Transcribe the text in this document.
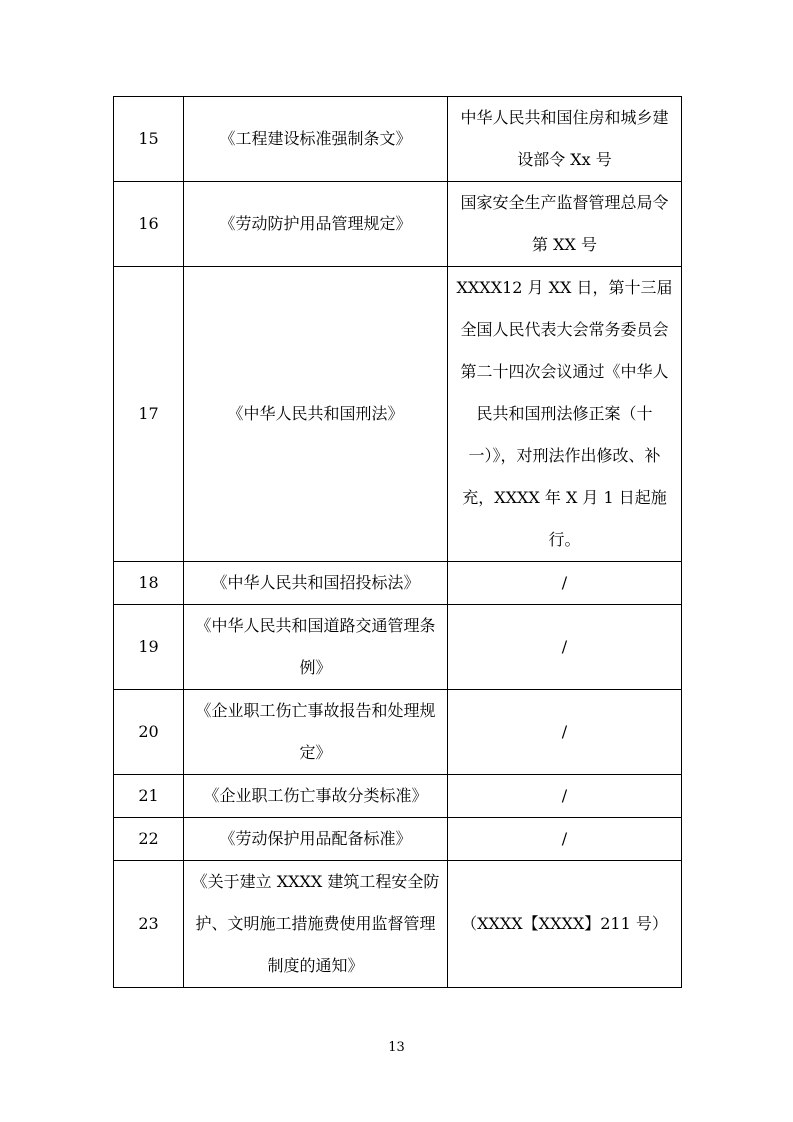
15	《工程建设标准强制条文》	中华人民共和国住房和城乡建设部令 Xx 号
16	《劳动防护用品管理规定》	国家安全生产监督管理总局令第 XX 号
17	《中华人民共和国刑法》	XXXX12 月 XX 日，第十三届全国人民代表大会常务委员会第二十四次会议通过《中华人民共和国刑法修正案（十一）》，对刑法作出修改、补充，XXXX 年 X 月 1 日起施行。
18	《中华人民共和国招投标法》	/
19	《中华人民共和国道路交通管理条例》	/
20	《企业职工伤亡事故报告和处理规定》	/
21	《企业职工伤亡事故分类标准》	/
22	《劳动保护用品配备标准》	/
23	《关于建立 XXXX 建筑工程安全防护、文明施工措施费使用监督管理制度的通知》	（XXXX【XXXX】211 号）
13
